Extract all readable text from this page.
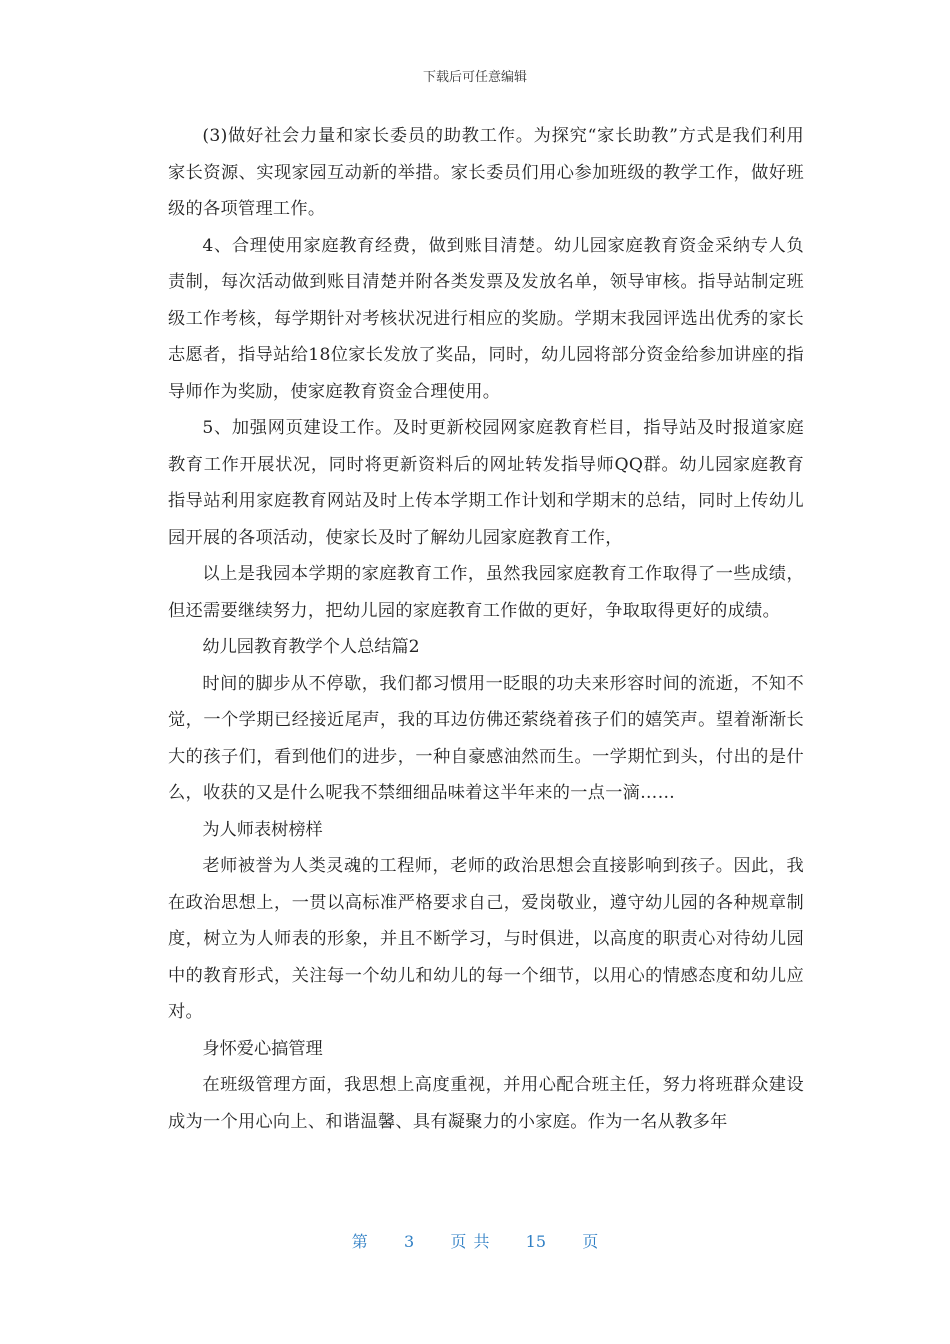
下载后可任意编辑

(3)做好社会力量和家长委员的助教工作。为探究“家长助教”方式是我们利用家长资源、实现家园互动新的举措。家长委员们用心参加班级的教学工作，做好班级的各项管理工作。

4、合理使用家庭教育经费，做到账目清楚。幼儿园家庭教育资金采纳专人负责制，每次活动做到账目清楚并附各类发票及发放名单，领导审核。指导站制定班级工作考核，每学期针对考核状况进行相应的奖励。学期末我园评选出优秀的家长志愿者，指导站给18位家长发放了奖品，同时，幼儿园将部分资金给参加讲座的指导师作为奖励，使家庭教育资金合理使用。

5、加强网页建设工作。及时更新校园网家庭教育栏目，指导站及时报道家庭教育工作开展状况，同时将更新资料后的网址转发指导师QQ群。幼儿园家庭教育指导站利用家庭教育网站及时上传本学期工作计划和学期末的总结，同时上传幼儿园开展的各项活动，使家长及时了解幼儿园家庭教育工作，

以上是我园本学期的家庭教育工作，虽然我园家庭教育工作取得了一些成绩，但还需要继续努力，把幼儿园的家庭教育工作做的更好，争取取得更好的成绩。

幼儿园教育教学个人总结篇2

时间的脚步从不停歇，我们都习惯用一眨眼的功夫来形容时间的流逝，不知不觉，一个学期已经接近尾声，我的耳边仿佛还萦绕着孩子们的嬉笑声。望着渐渐长大的孩子们，看到他们的进步，一种自豪感油然而生。一学期忙到头，付出的是什么，收获的又是什么呢我不禁细细品味着这半年来的一点一滴……

为人师表树榜样

老师被誉为人类灵魂的工程师，老师的政治思想会直接影响到孩子。因此，我在政治思想上，一贯以高标准严格要求自己，爱岗敬业，遵守幼儿园的各种规章制度，树立为人师表的形象，并且不断学习，与时俱进，以高度的职责心对待幼儿园中的教育形式，关注每一个幼儿和幼儿的每一个细节，以用心的情感态度和幼儿应对。

身怀爱心搞管理

在班级管理方面，我思想上高度重视，并用心配合班主任，努力将班群众建设成为一个用心向上、和谐温馨、具有凝聚力的小家庭。作为一名从教多年

第 3 页 共 15 页
